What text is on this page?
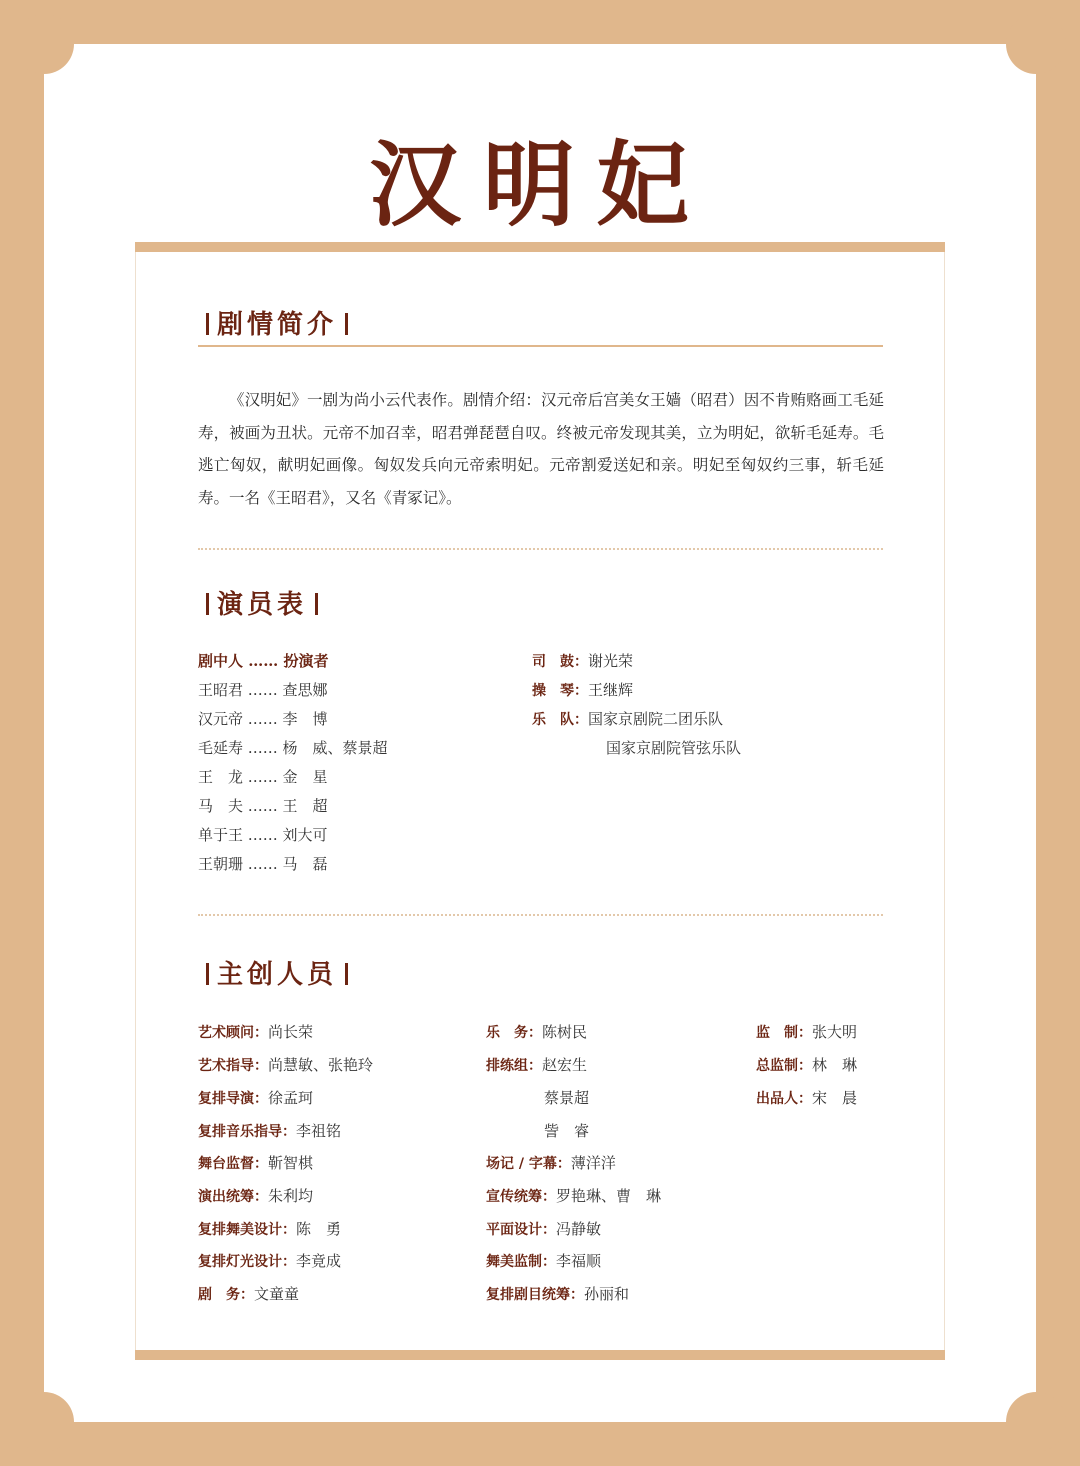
汉明妃
剧情简介
《汉明妃》一剧为尚小云代表作。剧情介绍：汉元帝后宫美女王嫱（昭君）因不肯贿赂画工毛延寿，被画为丑状。元帝不加召幸，昭君弹琵琶自叹。终被元帝发现其美，立为明妃，欲斩毛延寿。毛逃亡匈奴，献明妃画像。匈奴发兵向元帝索明妃。元帝割爱送妃和亲。明妃至匈奴约三事，斩毛延寿。一名《王昭君》，又名《青冢记》。
演员表
剧中人 …… 扮演者
王昭君 …… 查思娜
汉元帝 …… 李　博
毛延寿 …… 杨　威、蔡景超
王　龙 …… 金　星
马　夫 …… 王　超
单于王 …… 刘大可
王朝珊 …… 马　磊
司　鼓：谢光荣
操　琴：王继辉
乐　队：国家京剧院二团乐队
国家京剧院管弦乐队
主创人员
艺术顾问：尚长荣
艺术指导：尚慧敏、张艳玲
复排导演：徐孟珂
复排音乐指导：李祖铭
舞台监督：靳智棋
演出统筹：朱利均
复排舞美设计：陈　勇
复排灯光设计：李竟成
剧　务：文童童
乐　务：陈树民
排练组：赵宏生
蔡景超
訾　睿
场记 / 字幕：薄洋洋
宣传统筹：罗艳琳、曹　琳
平面设计：冯静敏
舞美监制：李福顺
复排剧目统筹：孙丽和
监　制：张大明
总监制：林　琳
出品人：宋　晨
